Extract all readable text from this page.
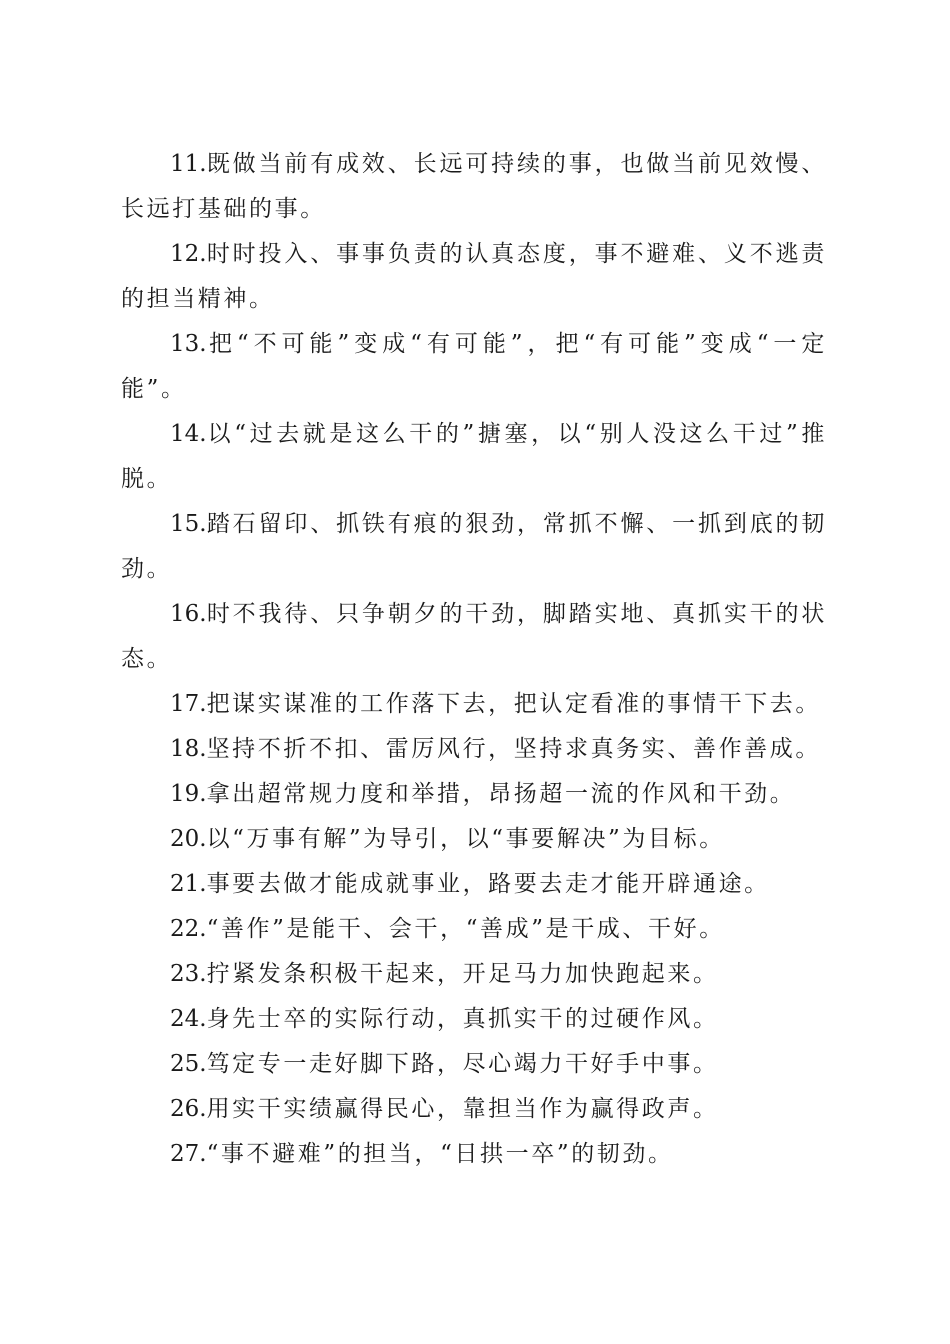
11.既做当前有成效、长远可持续的事，也做当前见效慢、长远打基础的事。

12.时时投入、事事负责的认真态度，事不避难、义不逃责的担当精神。

13.把“不可能”变成“有可能”，把“有可能”变成“一定能”。

14.以“过去就是这么干的”搪塞，以“别人没这么干过”推脱。

15.踏石留印、抓铁有痕的狠劲，常抓不懈、一抓到底的韧劲。

16.时不我待、只争朝夕的干劲，脚踏实地、真抓实干的状态。

17.把谋实谋准的工作落下去，把认定看准的事情干下去。

18.坚持不折不扣、雷厉风行，坚持求真务实、善作善成。

19.拿出超常规力度和举措，昂扬超一流的作风和干劲。

20.以“万事有解”为导引，以“事要解决”为目标。

21.事要去做才能成就事业，路要去走才能开辟通途。

22.“善作”是能干、会干，“善成”是干成、干好。

23.拧紧发条积极干起来，开足马力加快跑起来。

24.身先士卒的实际行动，真抓实干的过硬作风。

25.笃定专一走好脚下路，尽心竭力干好手中事。

26.用实干实绩赢得民心，靠担当作为赢得政声。

27.“事不避难”的担当，“日拱一卒”的韧劲。
